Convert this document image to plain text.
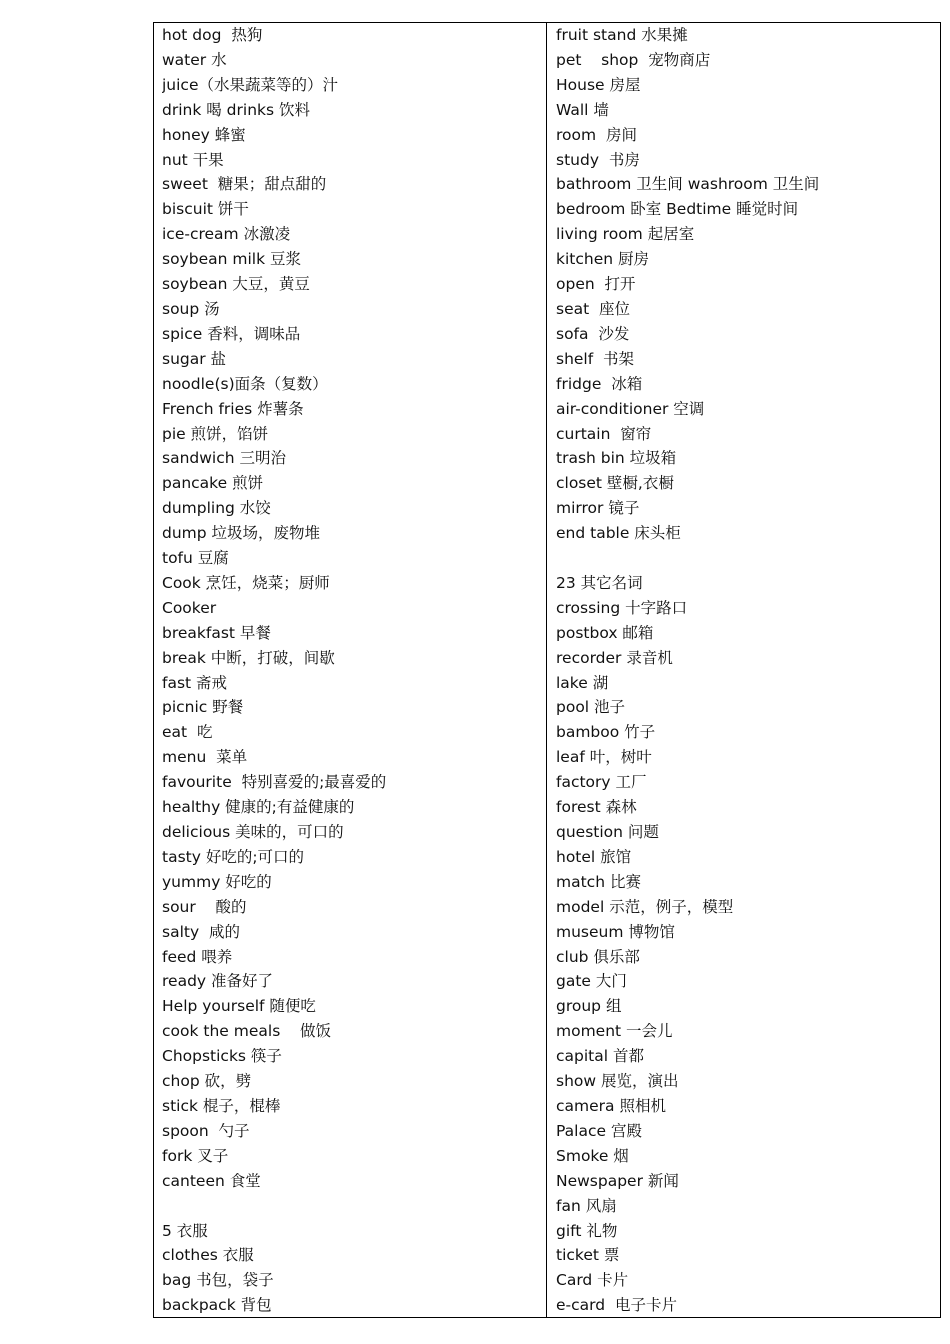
hot dog  热狗
water 水
juice（水果蔬菜等的）汁
drink 喝 drinks 饮料
honey 蜂蜜
nut 干果
sweet  糖果；甜点甜的
biscuit 饼干
ice-cream 冰激凌
soybean milk 豆浆
soybean 大豆，黄豆
soup 汤
spice 香料，调味品
sugar 盐
noodle(s)面条（复数）
French fries 炸薯条
pie 煎饼，馅饼
sandwich 三明治
pancake 煎饼
dumpling 水饺
dump 垃圾场，废物堆
tofu 豆腐
Cook 烹饪，烧菜；厨师
Cooker
breakfast 早餐
break 中断，打破，间歇
fast 斋戒
picnic 野餐
eat  吃
menu  菜单
favourite  特别喜爱的;最喜爱的
healthy 健康的;有益健康的
delicious 美味的，可口的
tasty 好吃的;可口的
yummy 好吃的
sour    酸的
salty  咸的
feed 喂养
ready 准备好了
Help yourself 随便吃
cook the meals    做饭
Chopsticks 筷子
chop 砍，劈
stick 棍子，棍棒
spoon  勺子
fork 叉子
canteen 食堂
5 衣服
clothes 衣服
bag 书包，袋子
backpack 背包
fruit stand 水果摊
pet    shop  宠物商店
House 房屋
Wall 墙
room  房间
study  书房
bathroom 卫生间 washroom 卫生间
bedroom 卧室 Bedtime 睡觉时间
living room 起居室
kitchen 厨房
open  打开
seat  座位
sofa  沙发
shelf  书架
fridge  冰箱
air-conditioner 空调
curtain  窗帘
trash bin 垃圾箱
closet 壁橱,衣橱
mirror 镜子
end table 床头柜
23 其它名词
crossing 十字路口
postbox 邮箱
recorder 录音机
lake 湖
pool 池子
bamboo 竹子
leaf 叶，树叶
factory 工厂
forest 森林
question 问题
hotel 旅馆
match 比赛
model 示范，例子，模型
museum 博物馆
club 俱乐部
gate 大门
group 组
moment 一会儿
capital 首都
show 展览，演出
camera 照相机
Palace 宫殿
Smoke 烟
Newspaper 新闻
fan 风扇
gift 礼物
ticket 票
Card 卡片
e-card  电子卡片
